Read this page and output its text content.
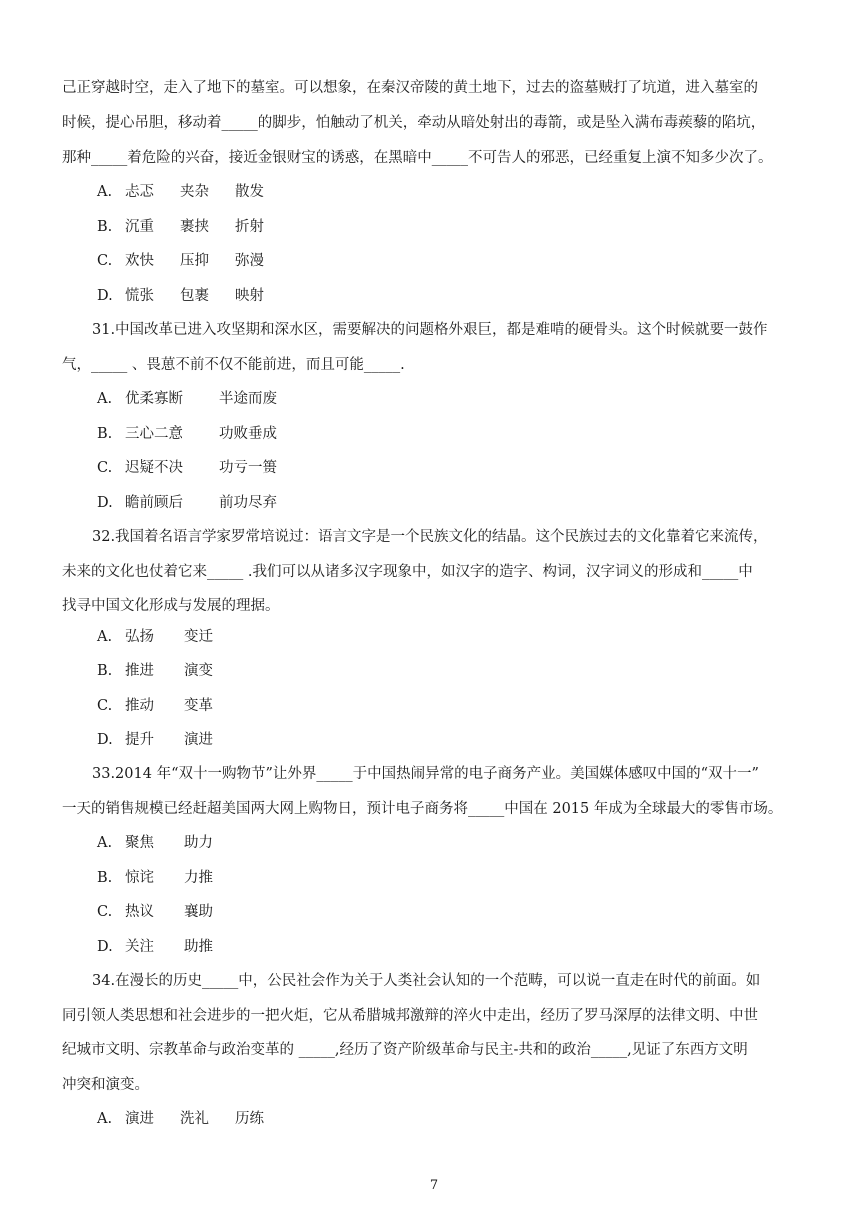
己正穿越时空，走入了地下的墓室。可以想象，在秦汉帝陵的黄土地下，过去的盗墓贼打了坑道，进入墓室的
时候，提心吊胆，移动着_____的脚步，怕触动了机关，牵动从暗处射出的毒箭，或是坠入满布毒蒺藜的陷坑，
那种_____着危险的兴奋，接近金银财宝的诱惑，在黑暗中_____不可告人的邪恶，已经重复上演不知多少次了。
A. 忐忑 夹杂 散发
B. 沉重 裹挟 折射
C. 欢快 压抑 弥漫
D. 慌张 包裹 映射
31.中国改革已进入攻坚期和深水区，需要解决的问题格外艰巨，都是难啃的硬骨头。这个时候就要一鼓作
气，_____ 、畏葸不前不仅不能前进，而且可能_____.
A. 优柔寡断 半途而废
B. 三心二意 功败垂成
C. 迟疑不决 功亏一篑
D. 瞻前顾后 前功尽弃
32.我国着名语言学家罗常培说过：语言文字是一个民族文化的结晶。这个民族过去的文化靠着它来流传，
未来的文化也仗着它来_____ .我们可以从诸多汉字现象中，如汉字的造字、构词，汉字词义的形成和_____中
找寻中国文化形成与发展的理据。
A. 弘扬 变迁
B. 推进 演变
C. 推动 变革
D. 提升 演进
33.2014 年“双十一购物节”让外界_____于中国热闹异常的电子商务产业。美国媒体感叹中国的“双十一”
一天的销售规模已经赶超美国两大网上购物日，预计电子商务将_____中国在 2015 年成为全球最大的零售市场。
A. 聚焦 助力
B. 惊诧 力推
C. 热议 襄助
D. 关注 助推
34.在漫长的历史_____中，公民社会作为关于人类社会认知的一个范畴，可以说一直走在时代的前面。如
同引领人类思想和社会进步的一把火炬，它从希腊城邦激辩的淬火中走出，经历了罗马深厚的法律文明、中世
纪城市文明、宗教革命与政治变革的 _____,经历了资产阶级革命与民主-共和的政治_____,见证了东西方文明
冲突和演变。
A. 演进 洗礼 历练
7
